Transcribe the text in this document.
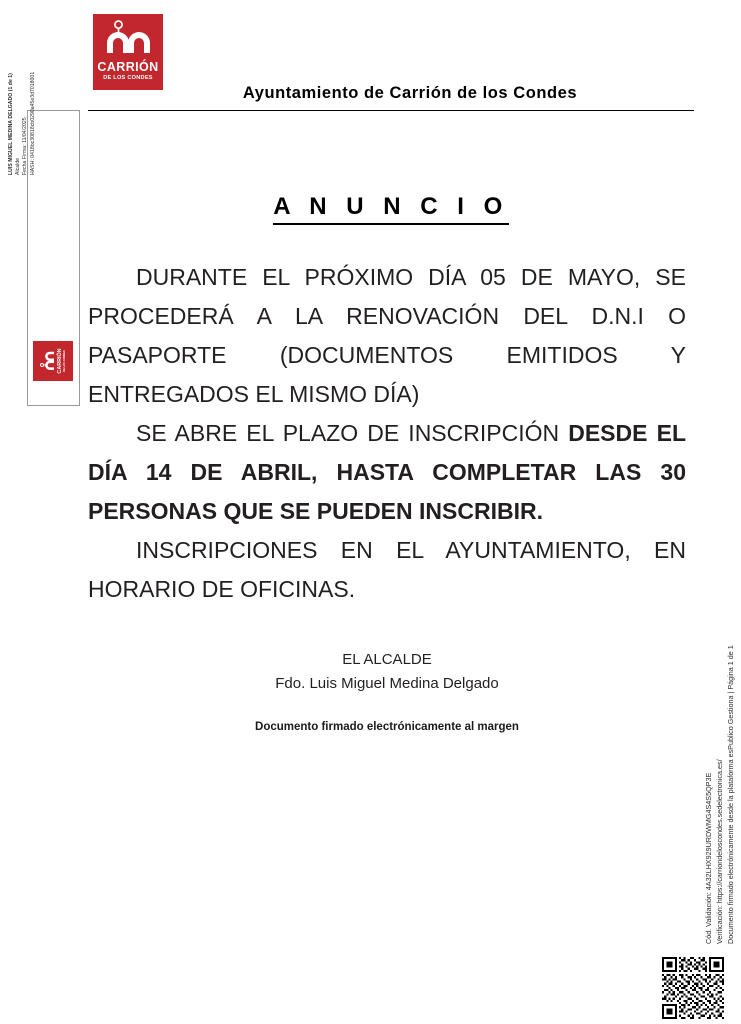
CARRIÓN
DE LOS CONDES
Ayuntamiento de Carrión de los Condes
LUIS MIGUEL MEDINA DELGADO (1 de 1) Alcalde Fecha Firma: 11/04/2025 HASH: 0418bc30818cb0290a45e3d7018001
CARRIÓN DE LOS CONDES
A N U N C I O

DURANTE EL PRÓXIMO DÍA 05 DE MAYO, SE PROCEDERÁ A LA RENOVACIÓN DEL D.N.I O PASAPORTE (DOCUMENTOS EMITIDOS Y ENTREGADOS EL MISMO DÍA)

SE ABRE EL PLAZO DE INSCRIPCIÓN DESDE EL DÍA 14 DE ABRIL, HASTA COMPLETAR LAS 30 PERSONAS QUE SE PUEDEN INSCRIBIR.

INSCRIPCIONES EN EL AYUNTAMIENTO, EN HORARIO DE OFICINAS.

EL ALCALDE
Fdo. Luis Miguel Medina Delgado
Documento firmado electrónicamente al margen
Cód. Validación: 4A32LHX929URDWMG4S4S5QP3E Verificación: https://carriondeloscondes.sedelectronica.es/ Documento firmado electrónicamente desde la plataforma esPublico Gestiona | Página 1 de 1
